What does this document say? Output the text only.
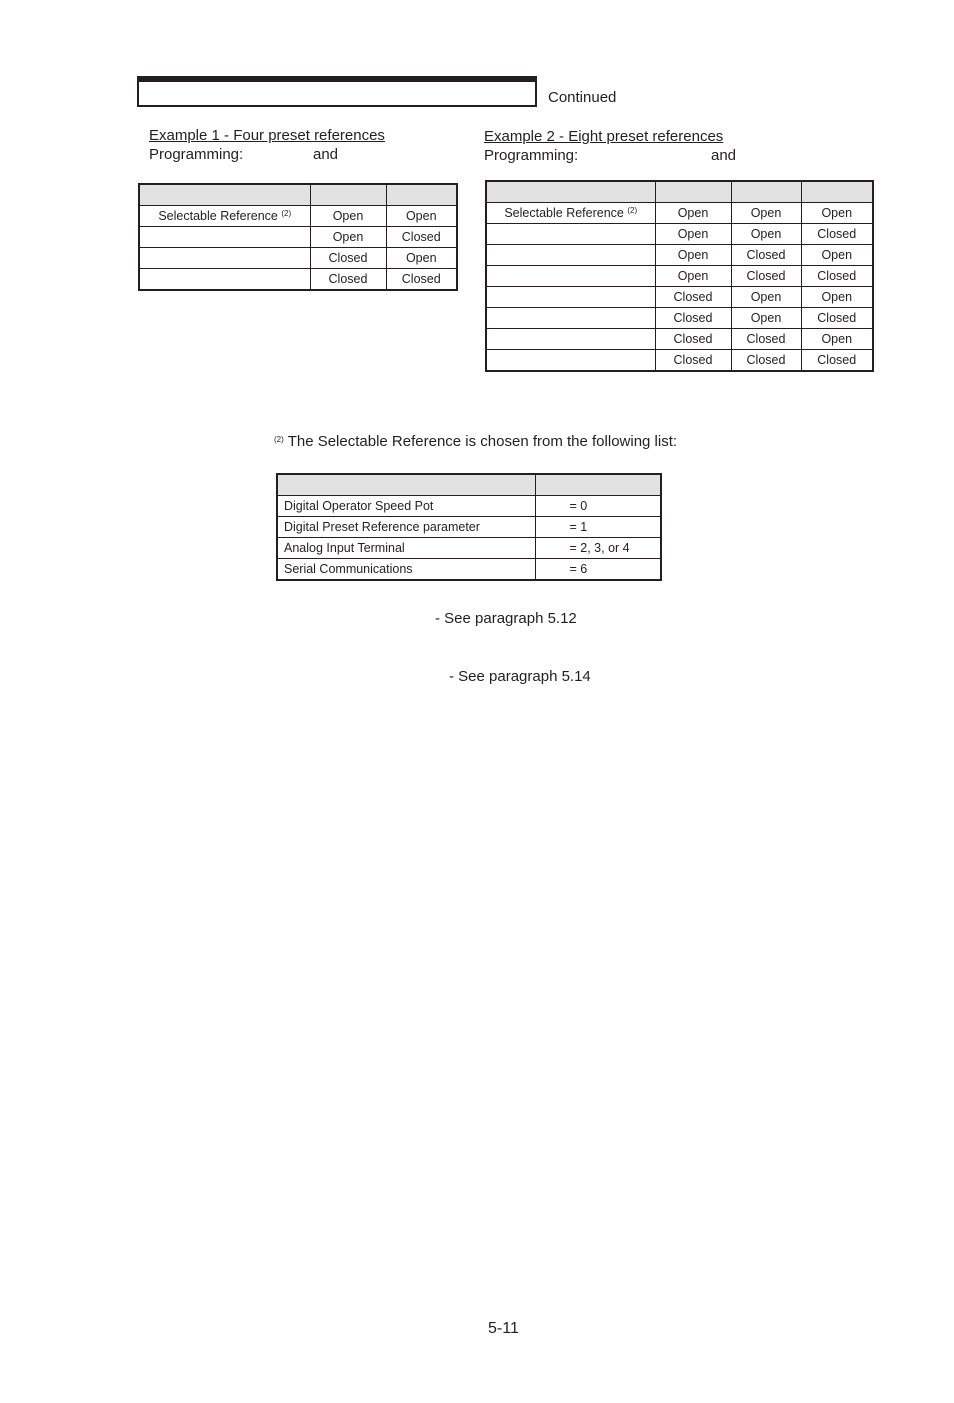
Continued
Example 1 - Four preset references
Programming:	and

Selectable Reference $^{(2)}$	Open	Open
	Open	Closed
	Closed	Open
	Closed	Closed
Example 2 - Eight preset references
Programming:	and

Selectable Reference $^{(2)}$	Open	Open	Open
	Open	Open	Closed
	Open	Closed	Open
	Open	Closed	Closed
	Closed	Open	Open
	Closed	Open	Closed
	Closed	Closed	Open
	Closed	Closed	Closed
$^{(2)}$ The Selectable Reference is chosen from the following list:

Digital Operator Speed Pot	= 0
Digital Preset Reference parameter	= 1
Analog Input Terminal	= 2, 3, or 4
Serial Communications	= 6
- See paragraph 5.12
- See paragraph 5.14
5-11
